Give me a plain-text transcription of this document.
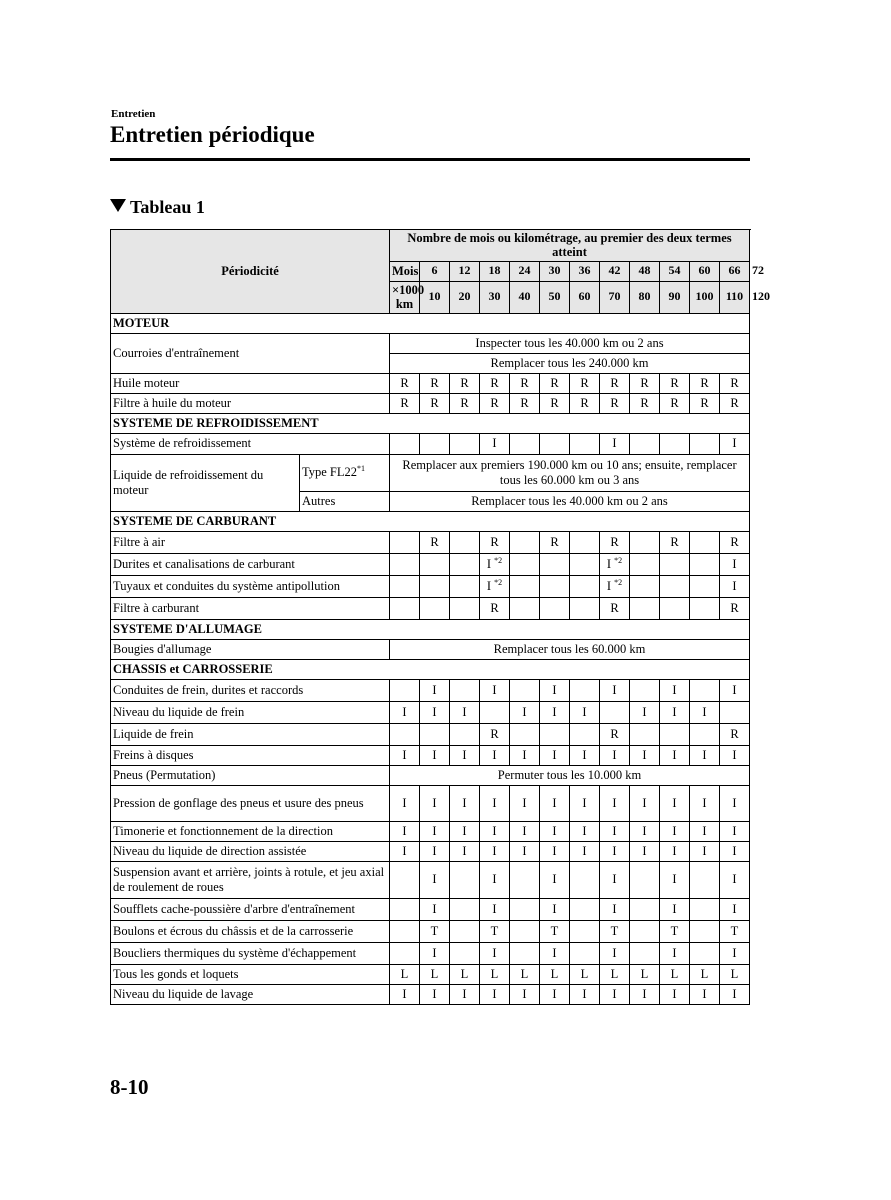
Entretien
Entretien périodique
Tableau 1
Périodicité		Nombre de mois ou kilométrage, au premier des deux termes atteint												
		Mois	6	12	18	24	30	36	42	48	54	60	66	72
		×1000 km	10	20	30	40	50	60	70	80	90	100	110	120
MOTEUR														
Courroies d'entraînement		Inspecter tous les 40.000 km ou 2 ans												
		Remplacer tous les 240.000 km												
Huile moteur		R	R	R	R	R	R	R	R	R	R	R	R	
Filtre à huile du moteur		R	R	R	R	R	R	R	R	R	R	R	R	
SYSTEME DE REFROIDISSEMENT														
Système de refroidissement					I				I				I	
Liquide de refroidissement du moteur	Type FL22$^{*1}$	Remplacer aux premiers 190.000 km ou 10 ans; ensuite, remplacer tous les 60.000 km ou 3 ans												
	Autres	Remplacer tous les 40.000 km ou 2 ans												
SYSTEME DE CARBURANT														
Filtre à air			R		R		R		R		R		R	
Durites et canalisations de carburant					I $^{*2}$				I $^{*2}$				I	
Tuyaux et conduites du système antipollution					I $^{*2}$				I $^{*2}$				I	
Filtre à carburant					R				R				R	
SYSTEME D'ALLUMAGE														
Bougies d'allumage		Remplacer tous les 60.000 km												
CHASSIS et CARROSSERIE														
Conduites de frein, durites et raccords			I		I		I		I		I		I	
Niveau du liquide de frein		I	I	I		I	I	I		I	I	I		
Liquide de frein					R				R				R	
Freins à disques		I	I	I	I	I	I	I	I	I	I	I	I	
Pneus (Permutation)		Permuter tous les 10.000 km												
Pression de gonflage des pneus et usure des pneus		I	I	I	I	I	I	I	I	I	I	I	I	
Timonerie et fonctionnement de la direction		I	I	I	I	I	I	I	I	I	I	I	I	
Niveau du liquide de direction assistée		I	I	I	I	I	I	I	I	I	I	I	I	
Suspension avant et arrière, joints à rotule, et jeu axial de roulement de roues			I		I		I		I		I		I	
Soufflets cache-poussière d'arbre d'entraînement			I		I		I		I		I		I	
Boulons et écrous du châssis et de la carrosserie			T		T		T		T		T		T	
Boucliers thermiques du système d'échappement			I		I		I		I		I		I	
Tous les gonds et loquets		L	L	L	L	L	L	L	L	L	L	L	L	
Niveau du liquide de lavage		I	I	I	I	I	I	I	I	I	I	I	I	
8-10
